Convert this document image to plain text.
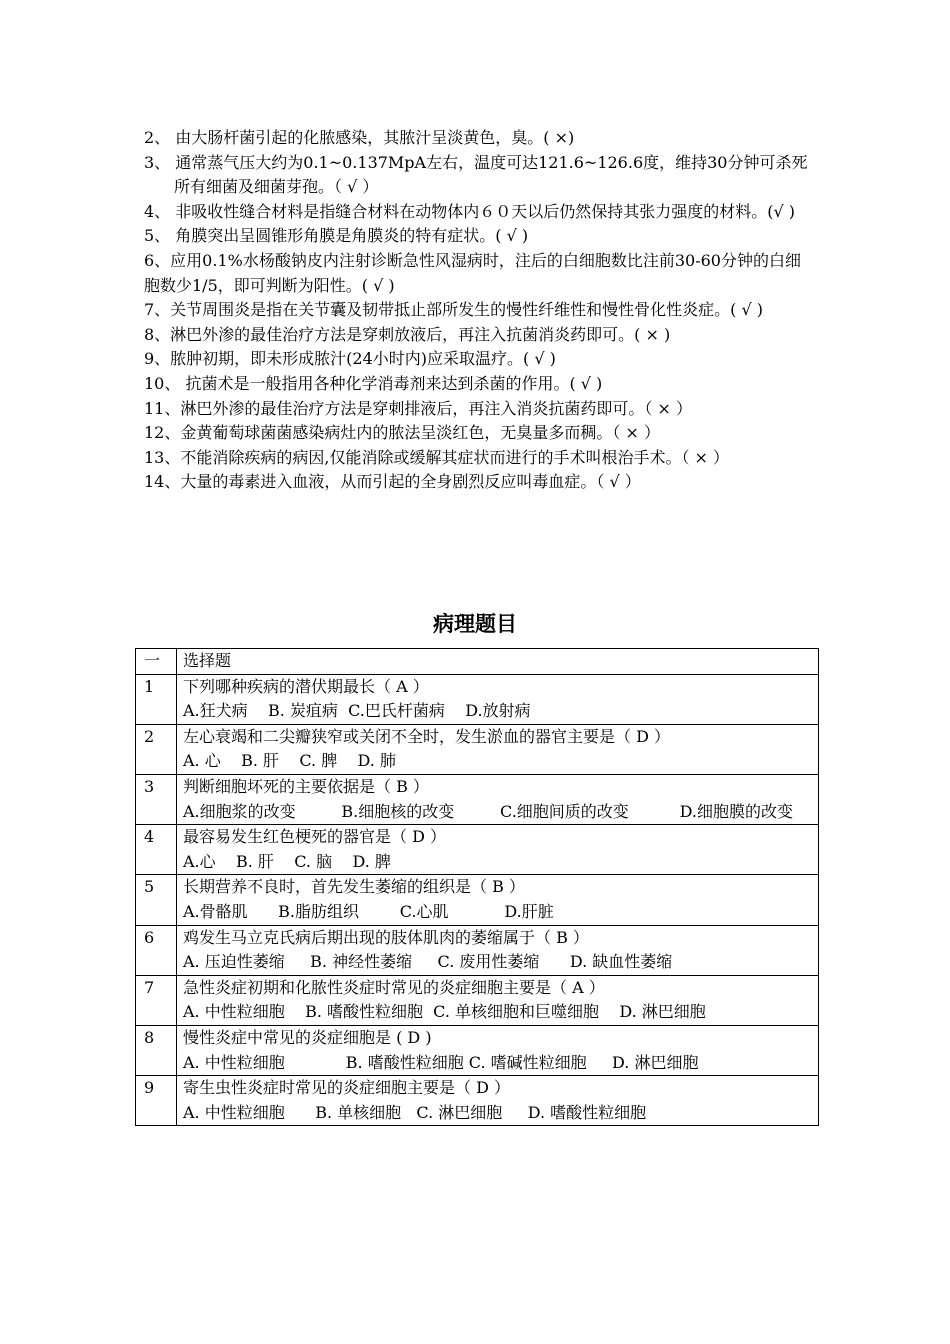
2、 由大肠杆菌引起的化脓感染，其脓汁呈淡黄色，臭。( ×)

3、 通常蒸气压大约为0.1~0.137MpA左右，温度可达121.6~126.6度，维持30分钟可杀死所有细菌及细菌芽孢。（ √ ）

4、 非吸收性缝合材料是指缝合材料在动物体内６０天以后仍然保持其张力强度的材料。(√ )

5、 角膜突出呈圆锥形角膜是角膜炎的特有症状。( √ )

6、应用0.1%水杨酸钠皮内注射诊断急性风湿病时，注后的白细胞数比注前30-60分钟的白细胞数少1/5，即可判断为阳性。( √ )

7、关节周围炎是指在关节囊及韧带抵止部所发生的慢性纤维性和慢性骨化性炎症。( √ )

8、淋巴外渗的最佳治疗方法是穿刺放液后，再注入抗菌消炎药即可。( × )

9、脓肿初期，即未形成脓汁(24小时内)应采取温疗。( √ )

10、 抗菌术是一般指用各种化学消毒剂来达到杀菌的作用。( √ )

11、淋巴外渗的最佳治疗方法是穿刺排液后，再注入消炎抗菌药即可。（ × ）

12、金黄葡萄球菌菌感染病灶内的脓法呈淡红色，无臭量多而稠。（ × ）

13、不能消除疾病的病因,仅能消除或缓解其症状而进行的手术叫根治手术。（ × ）

14、大量的毒素进入血液，从而引起的全身剧烈反应叫毒血症。（ √ ）

病理题目
一	选择题
1	下列哪种疾病的潜伏期最长（ A ）
A.狂犬病    B. 炭疽病  C.巴氏杆菌病    D.放射病

2	左心衰竭和二尖瓣狭窄或关闭不全时，发生淤血的器官主要是（ D ）
A. 心    B. 肝    C. 脾    D. 肺

3	判断细胞坏死的主要依据是（ B ）
A.细胞浆的改变         B.细胞核的改变         C.细胞间质的改变          D.细胞膜的改变

4	最容易发生红色梗死的器官是（ D ）
A.心    B. 肝    C. 脑    D. 脾

5	长期营养不良时，首先发生萎缩的组织是（ B ）
A.骨骼肌      B.脂肪组织        C.心肌           D.肝脏

6	鸡发生马立克氏病后期出现的肢体肌肉的萎缩属于（ B ）
A. 压迫性萎缩     B. 神经性萎缩     C. 废用性萎缩      D. 缺血性萎缩

7	急性炎症初期和化脓性炎症时常见的炎症细胞主要是（ A ）
A. 中性粒细胞    B. 嗜酸性粒细胞  C. 单核细胞和巨噬细胞    D. 淋巴细胞

8	慢性炎症中常见的炎症细胞是 ( D )
A. 中性粒细胞            B. 嗜酸性粒细胞 C. 嗜碱性粒细胞     D. 淋巴细胞

9	寄生虫性炎症时常见的炎症细胞主要是（ D ）
A. 中性粒细胞      B. 单核细胞   C. 淋巴细胞     D. 嗜酸性粒细胞
